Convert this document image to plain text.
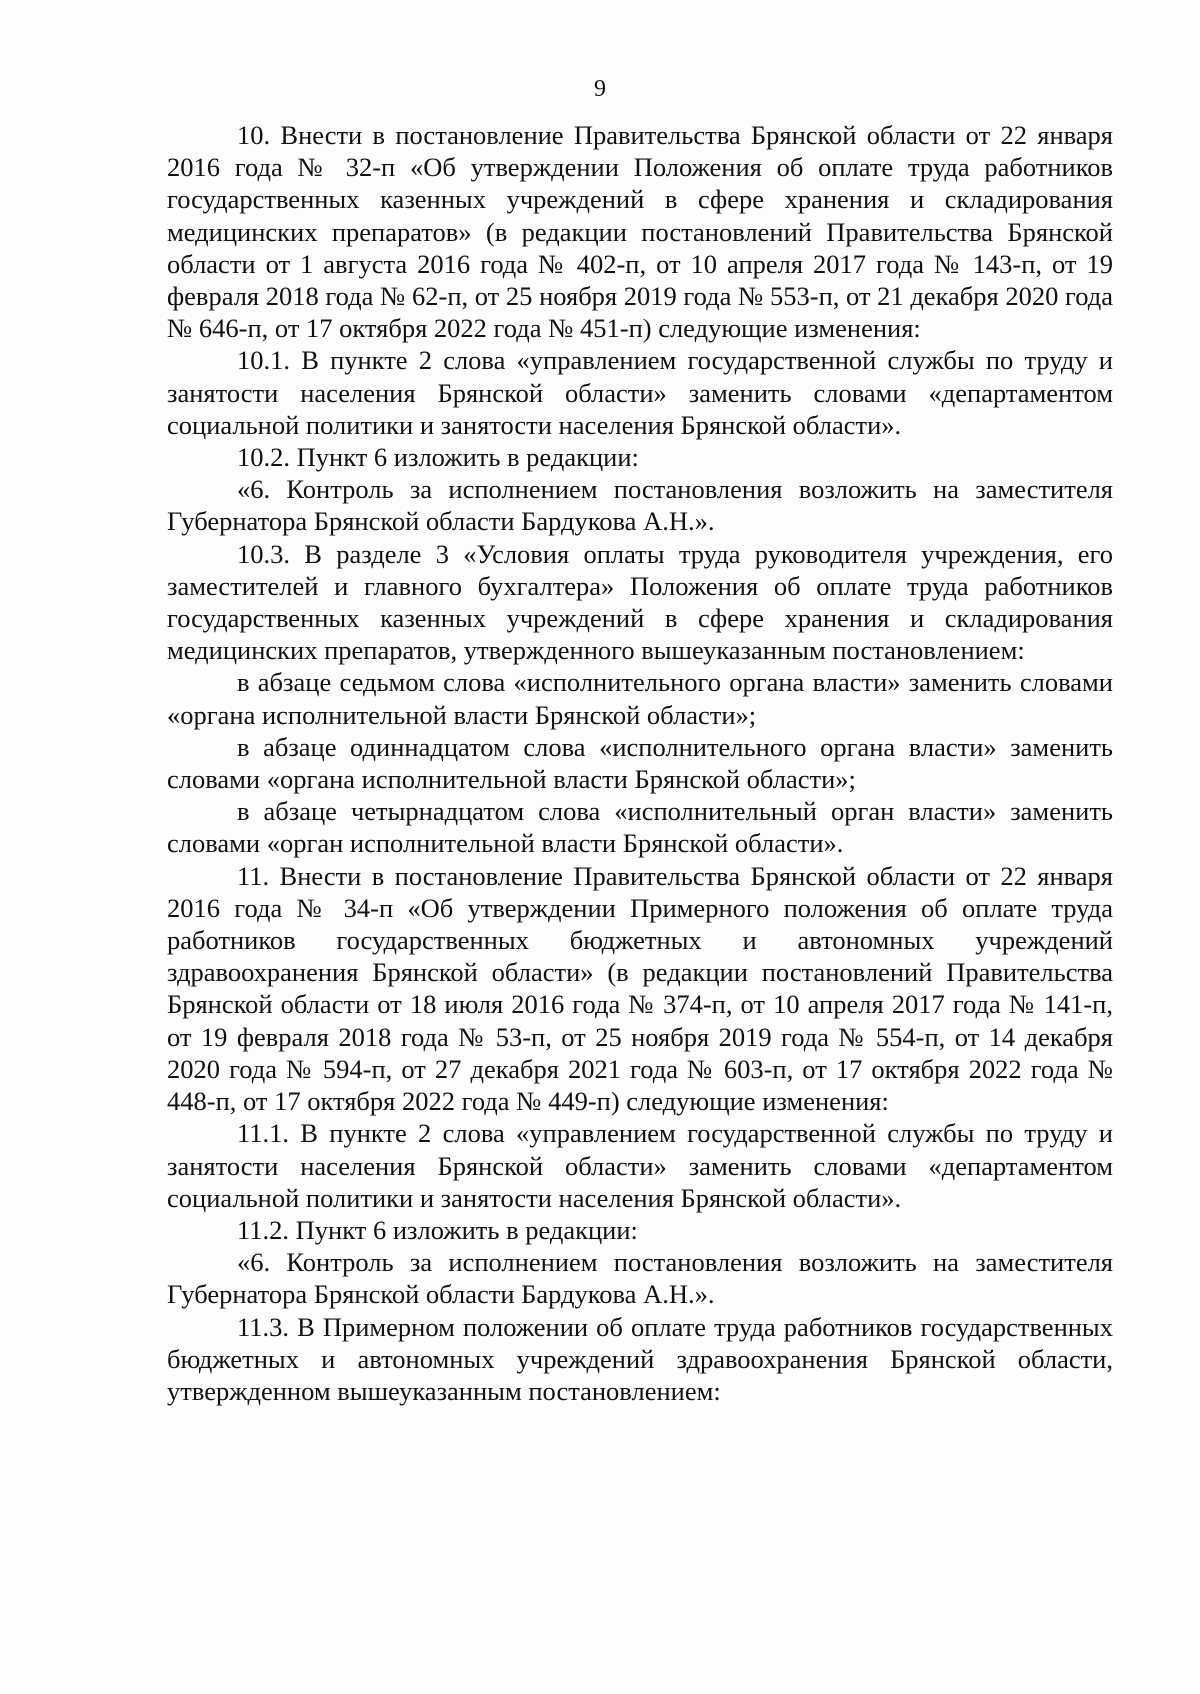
9

10. Внести в постановление Правительства Брянской области от 22 января 2016 года № 32-п «Об утверждении Положения об оплате труда работников государственных казенных учреждений в сфере хранения и складирования медицинских препаратов» (в редакции постановлений Правительства Брянской области от 1 августа 2016 года № 402-п, от 10 апреля 2017 года № 143-п, от 19 февраля 2018 года № 62-п, от 25 ноября 2019 года № 553-п, от 21 декабря 2020 года № 646-п, от 17 октября 2022 года № 451-п) следующие изменения:

10.1. В пункте 2 слова «управлением государственной службы по труду и занятости населения Брянской области» заменить словами «департаментом социальной политики и занятости населения Брянской области».

10.2. Пункт 6 изложить в редакции:

«6. Контроль за исполнением постановления возложить на заместителя Губернатора Брянской области Бардукова А.Н.».

10.3. В разделе 3 «Условия оплаты труда руководителя учреждения, его заместителей и главного бухгалтера» Положения об оплате труда работников государственных казенных учреждений в сфере хранения и складирования медицинских препаратов, утвержденного вышеуказанным постановлением:

в абзаце седьмом слова «исполнительного органа власти» заменить словами «органа исполнительной власти Брянской области»;

в абзаце одиннадцатом слова «исполнительного органа власти» заменить словами «органа исполнительной власти Брянской области»;

в абзаце четырнадцатом слова «исполнительный орган власти» заменить словами «орган исполнительной власти Брянской области».

11. Внести в постановление Правительства Брянской области от 22 января 2016 года № 34-п «Об утверждении Примерного положения об оплате труда работников государственных бюджетных и автономных учреждений здравоохранения Брянской области» (в редакции постановлений Правительства Брянской области от 18 июля 2016 года № 374-п, от 10 апреля 2017 года № 141-п, от 19 февраля 2018 года № 53-п, от 25 ноября 2019 года № 554-п, от 14 декабря 2020 года № 594-п, от 27 декабря 2021 года № 603-п, от 17 октября 2022 года № 448-п, от 17 октября 2022 года № 449-п) следующие изменения:

11.1. В пункте 2 слова «управлением государственной службы по труду и занятости населения Брянской области» заменить словами «департаментом социальной политики и занятости населения Брянской области».

11.2. Пункт 6 изложить в редакции:

«6. Контроль за исполнением постановления возложить на заместителя Губернатора Брянской области Бардукова А.Н.».

11.3. В Примерном положении об оплате труда работников государственных бюджетных и автономных учреждений здравоохранения Брянской области, утвержденном вышеуказанным постановлением:
